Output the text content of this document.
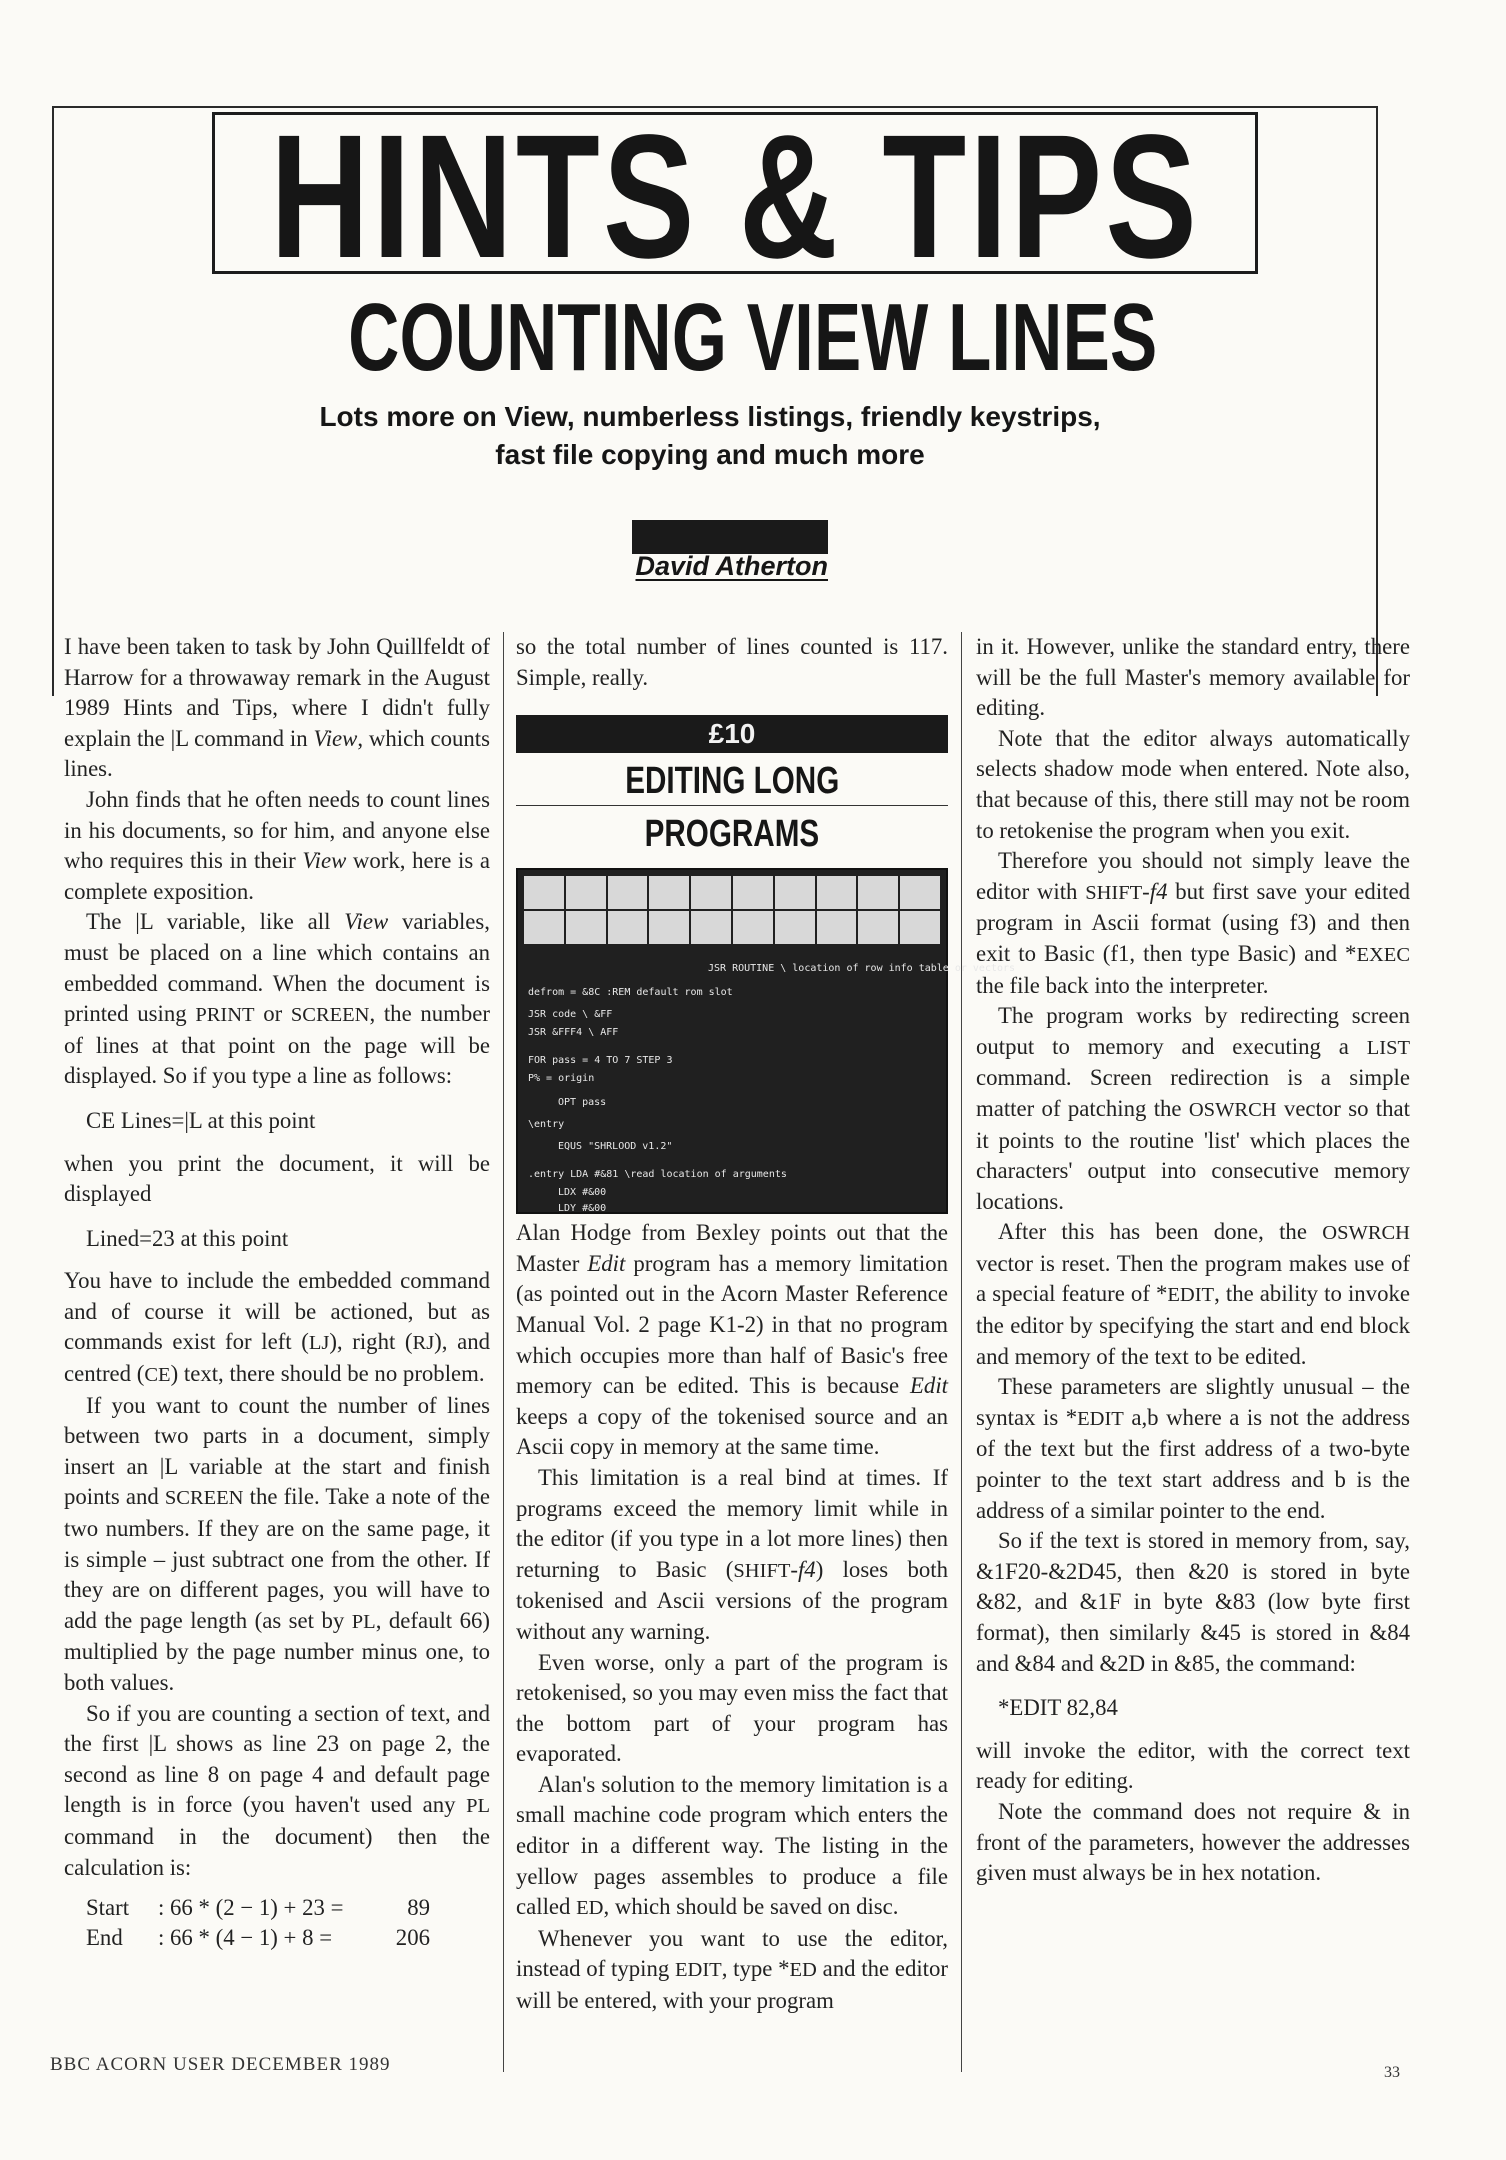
HINTS & TIPS
COUNTING VIEW LINES
Lots more on View, numberless listings, friendly keystrips,
fast file copying and much more
David Atherton

I have been taken to task by John Quillfeldt of Harrow for a throwaway remark in the August 1989 Hints and Tips, where I didn't fully explain the |L command in View, which counts lines.

John finds that he often needs to count lines in his documents, so for him, and anyone else who requires this in their View work, here is a complete exposition.

The |L variable, like all View variables, must be placed on a line which contains an embedded command. When the document is printed using PRINT or SCREEN, the number of lines at that point on the page will be displayed. So if you type a line as follows:

CE Lines=|L at this point

when you print the document, it will be displayed

Lined=23 at this point

You have to include the embedded command and of course it will be actioned, but as commands exist for left (LJ), right (RJ), and centred (CE) text, there should be no problem.

If you want to count the number of lines between two parts in a document, simply insert an |L variable at the start and finish points and SCREEN the file. Take a note of the two numbers. If they are on the same page, it is simple – just subtract one from the other. If they are on different pages, you will have to add the page length (as set by PL, default 66) multiplied by the page number minus one, to both values.

So if you are counting a section of text, and the first |L shows as line 23 on page 2, the second as line 8 on page 4 and default page length is in force (you haven't used any PL command in the document) then the calculation is:

Start	: 66 * (2 − 1) + 23 =	89
End	: 66 * (4 − 1) + 8 =	206

so the total number of lines counted is 117. Simple, really.

£10
EDITING LONG
PROGRAMS
JSR ROUTINE \ location of row info table or vectors
defrom = &8C :REM default rom slot
JSR code \ &FF
JSR &FFF4 \ AFF
FOR pass = 4 TO 7 STEP 3
P% = origin
OPT pass
\entry
EQUS "SHRLOOD v1.2"
.entry LDA #&81 \read location of arguments
LDX #&00
LDY #&00

Alan Hodge from Bexley points out that the Master Edit program has a memory limitation (as pointed out in the Acorn Master Reference Manual Vol. 2 page K1-2) in that no program which occupies more than half of Basic's free memory can be edited. This is because Edit keeps a copy of the tokenised source and an Ascii copy in memory at the same time.

This limitation is a real bind at times. If programs exceed the memory limit while in the editor (if you type in a lot more lines) then returning to Basic (SHIFT-f4) loses both tokenised and Ascii versions of the program without any warning.

Even worse, only a part of the program is retokenised, so you may even miss the fact that the bottom part of your program has evaporated.

Alan's solution to the memory limitation is a small machine code program which enters the editor in a different way. The listing in the yellow pages assembles to produce a file called ED, which should be saved on disc.

Whenever you want to use the editor, instead of typing EDIT, type *ED and the editor will be entered, with your program

in it. However, unlike the standard entry, there will be the full Master's memory available for editing.

Note that the editor always automatically selects shadow mode when entered. Note also, that because of this, there still may not be room to retokenise the program when you exit.

Therefore you should not simply leave the editor with SHIFT-f4 but first save your edited program in Ascii format (using f3) and then exit to Basic (f1, then type Basic) and *EXEC the file back into the interpreter.

The program works by redirecting screen output to memory and executing a LIST command. Screen redirection is a simple matter of patching the OSWRCH vector so that it points to the routine 'list' which places the characters' output into consecutive memory locations.

After this has been done, the OSWRCH vector is reset. Then the program makes use of a special feature of *EDIT, the ability to invoke the editor by specifying the start and end block and memory of the text to be edited.

These parameters are slightly unusual – the syntax is *EDIT a,b where a is not the address of the text but the first address of a two-byte pointer to the text start address and b is the address of a similar pointer to the end.

So if the text is stored in memory from, say, &1F20-&2D45, then &20 is stored in byte &82, and &1F in byte &83 (low byte first format), then similarly &45 is stored in &84 and &84 and &2D in &85, the command:

*EDIT 82,84

will invoke the editor, with the correct text ready for editing.

Note the command does not require & in front of the parameters, however the addresses given must always be in hex notation.

BBC ACORN USER DECEMBER 1989	33
